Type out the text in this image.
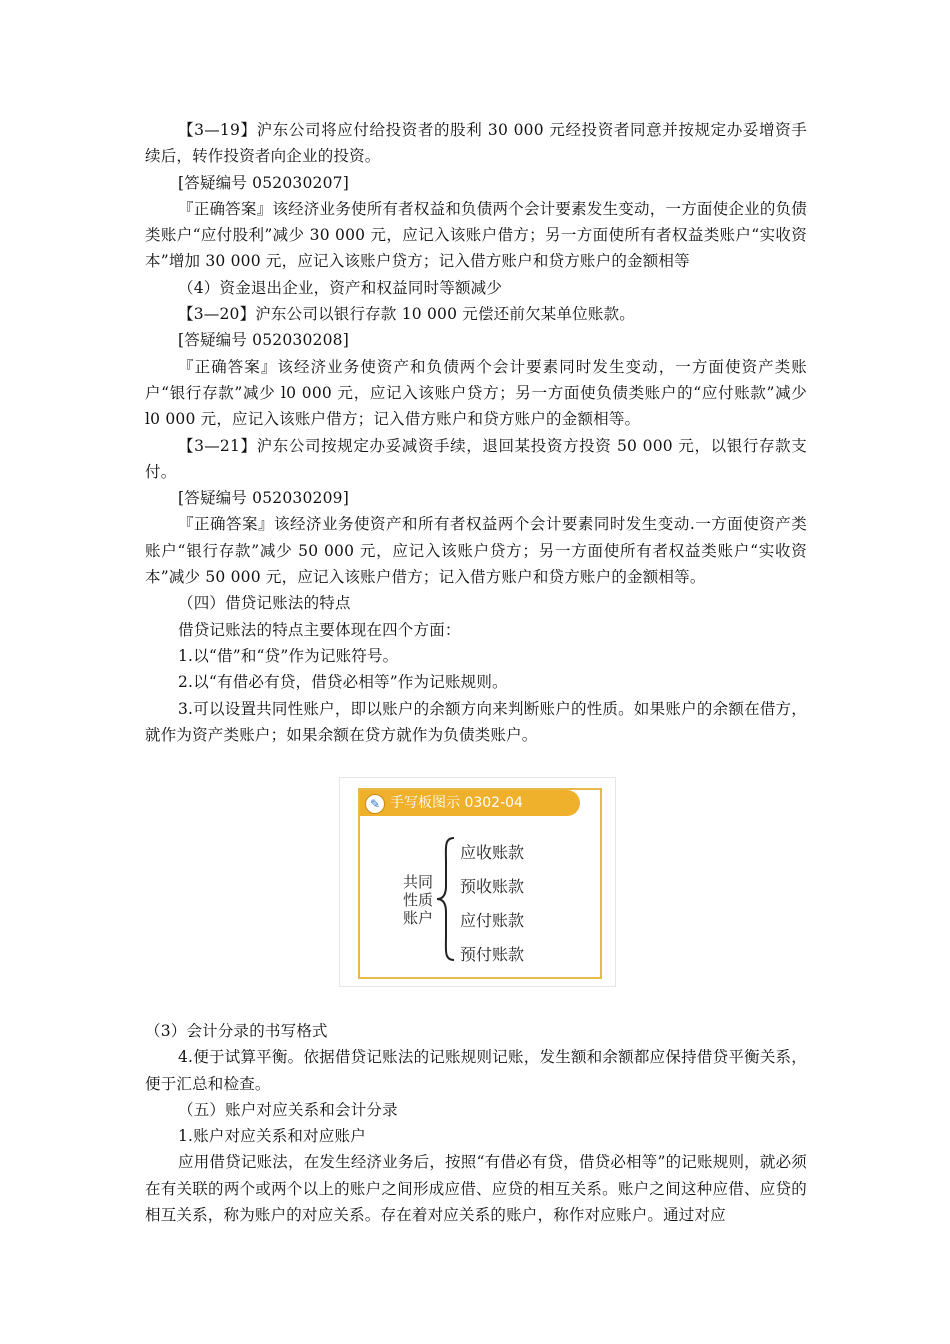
【3—19】沪东公司将应付给投资者的股利 30 000 元经投资者同意并按规定办妥增资手续后，转作投资者向企业的投资。

[答疑编号 052030207]

『正确答案』该经济业务使所有者权益和负债两个会计要素发生变动，一方面使企业的负债类账户“应付股利”减少 30 000 元，应记入该账户借方；另一方面使所有者权益类账户“实收资本”增加 30 000 元，应记入该账户贷方；记入借方账户和贷方账户的金额相等

（4）资金退出企业，资产和权益同时等额减少

【3—20】沪东公司以银行存款 10 000 元偿还前欠某单位账款。

[答疑编号 052030208]

『正确答案』该经济业务使资产和负债两个会计要素同时发生变动，一方面使资产类账户“银行存款”减少 l0 000 元，应记入该账户贷方；另一方面使负债类账户的“应付账款”减少 l0 000 元，应记入该账户借方；记入借方账户和贷方账户的金额相等。

【3—21】沪东公司按规定办妥减资手续，退回某投资方投资 50 000 元，以银行存款支付。

[答疑编号 052030209]

『正确答案』该经济业务使资产和所有者权益两个会计要素同时发生变动.一方面使资产类账户“银行存款”减少 50 000 元，应记入该账户贷方；另一方面使所有者权益类账户“实收资本”减少 50 000 元，应记入该账户借方；记入借方账户和贷方账户的金额相等。

（四）借贷记账法的特点

借贷记账法的特点主要体现在四个方面：

1.以“借”和“贷”作为记账符号。

2.以“有借必有贷，借贷必相等”作为记账规则。

3.可以设置共同性账户，即以账户的余额方向来判断账户的性质。如果账户的余额在借方，就作为资产类账户；如果余额在贷方就作为负债类账户。

✎ 手写板图示 0302-04
共同
性质
账户
应收账款
预收账款
应付账款
预付账款

（3）会计分录的书写格式

4.便于试算平衡。依据借贷记账法的记账规则记账，发生额和余额都应保持借贷平衡关系，便于汇总和检查。

（五）账户对应关系和会计分录

1.账户对应关系和对应账户

应用借贷记账法，在发生经济业务后，按照“有借必有贷，借贷必相等”的记账规则，就必须在有关联的两个或两个以上的账户之间形成应借、应贷的相互关系。账户之间这种应借、应贷的相互关系，称为账户的对应关系。存在着对应关系的账户，称作对应账户。通过对应
